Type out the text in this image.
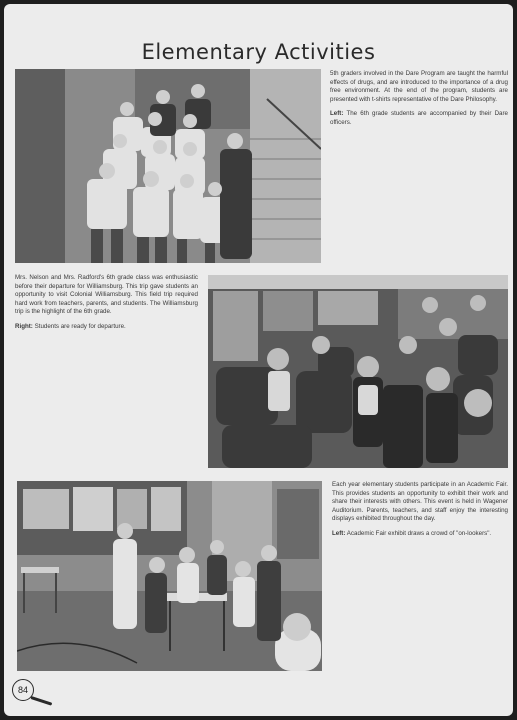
Elementary Activities

5th graders involved in the Dare Program are taught the harmful effects of drugs, and are introduced to the importance of a drug free environment. At the end of the program, students are presented with t-shirts representative of the Dare Philosophy.

Left: The 6th grade students are accompanied by their Dare officers.

Mrs. Nelson and Mrs. Radford's 6th grade class was enthusiastic before their departure for Williamsburg. This trip gave students an opportunity to visit Colonial Williamsburg. This field trip required hard work from teachers, parents, and students. The Williamsburg trip is the highlight of the 6th grade.

Right: Students are ready for departure.

Each year elementary students participate in an Academic Fair. This provides students an opportunity to exhibit their work and share their interests with others. This event is held in Wagener Auditorium. Parents, teachers, and staff enjoy the interesting displays exhibited throughout the day.

Left: Academic Fair exhibit draws a crowd of "on-lookers".

84
